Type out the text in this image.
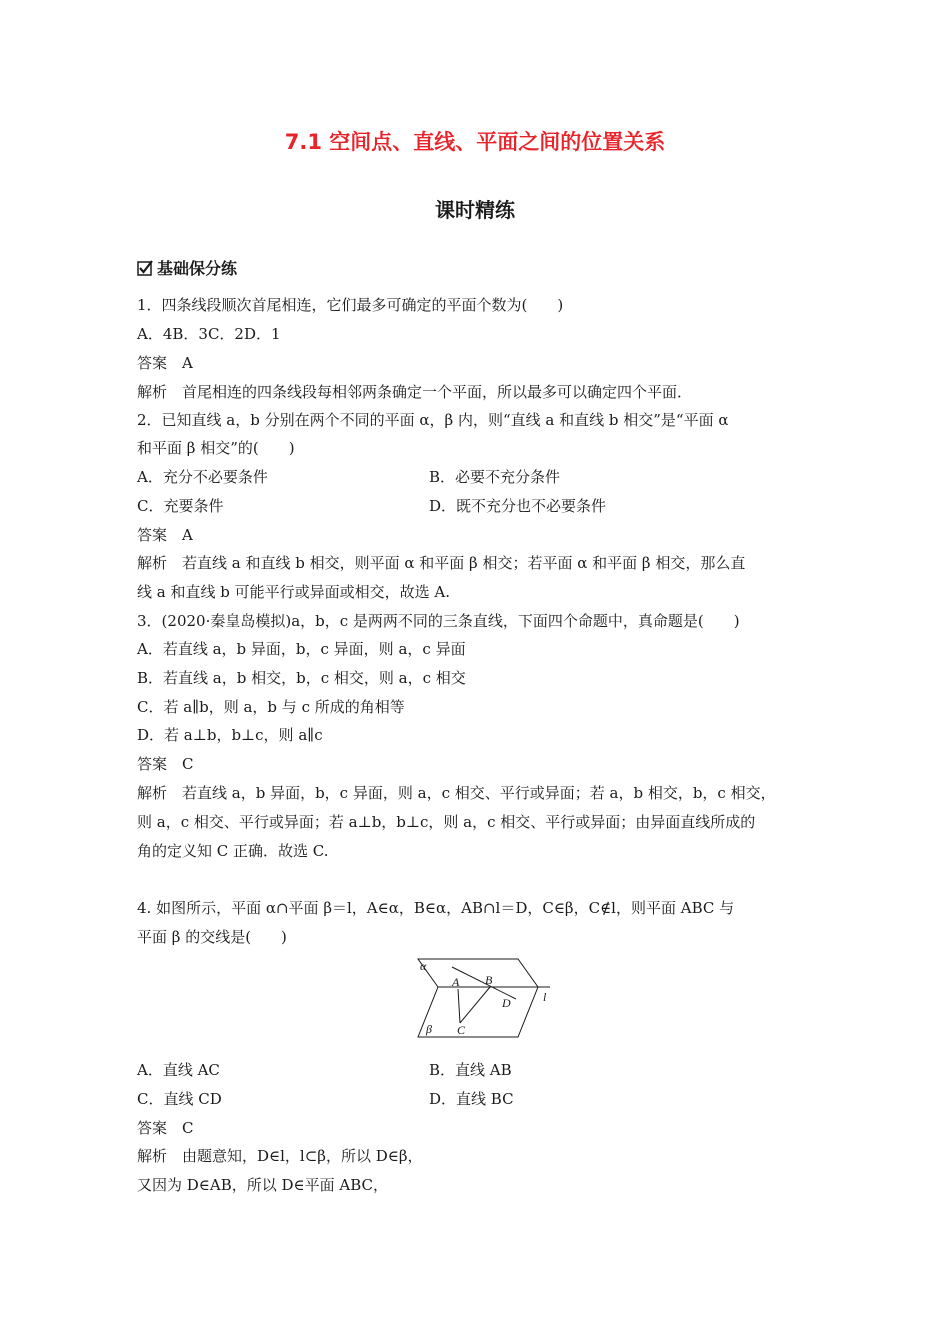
7.1 空间点、直线、平面之间的位置关系
课时精练
基础保分练
1．四条线段顺次首尾相连，它们最多可确定的平面个数为(　　)
A．4B．3C．2D．1
答案　A
解析　首尾相连的四条线段每相邻两条确定一个平面，所以最多可以确定四个平面．
2．已知直线 a，b 分别在两个不同的平面 α，β 内，则“直线 a 和直线 b 相交”是“平面 α
和平面 β 相交”的(　　)
A．充分不必要条件	B．必要不充分条件
C．充要条件	D．既不充分也不必要条件
答案　A
解析　若直线 a 和直线 b 相交，则平面 α 和平面 β 相交；若平面 α 和平面 β 相交，那么直
线 a 和直线 b 可能平行或异面或相交，故选 A.
3．(2020·秦皇岛模拟)a，b，c 是两两不同的三条直线，下面四个命题中，真命题是(　　)
A．若直线 a，b 异面，b，c 异面，则 a，c 异面
B．若直线 a，b 相交，b，c 相交，则 a，c 相交
C．若 a∥b，则 a，b 与 c 所成的角相等
D．若 a⊥b，b⊥c，则 a∥c
答案　C
解析　若直线 a，b 异面，b，c 异面，则 a，c 相交、平行或异面；若 a，b 相交，b，c 相交，
则 a，c 相交、平行或异面；若 a⊥b，b⊥c，则 a，c 相交、平行或异面；由异面直线所成的
角的定义知 C 正确．故选 C.
4. 如图所示，平面 α∩平面 β＝l，A∈α，B∈α，AB∩l＝D，C∈β，C∉l，则平面 ABC 与
平面 β 的交线是(　　)
α
β
A B
C
D	l
A．直线 AC	B．直线 AB
C．直线 CD	D．直线 BC
答案　C
解析　由题意知，D∈l，l⊂β，所以 D∈β，
又因为 D∈AB，所以 D∈平面 ABC，
